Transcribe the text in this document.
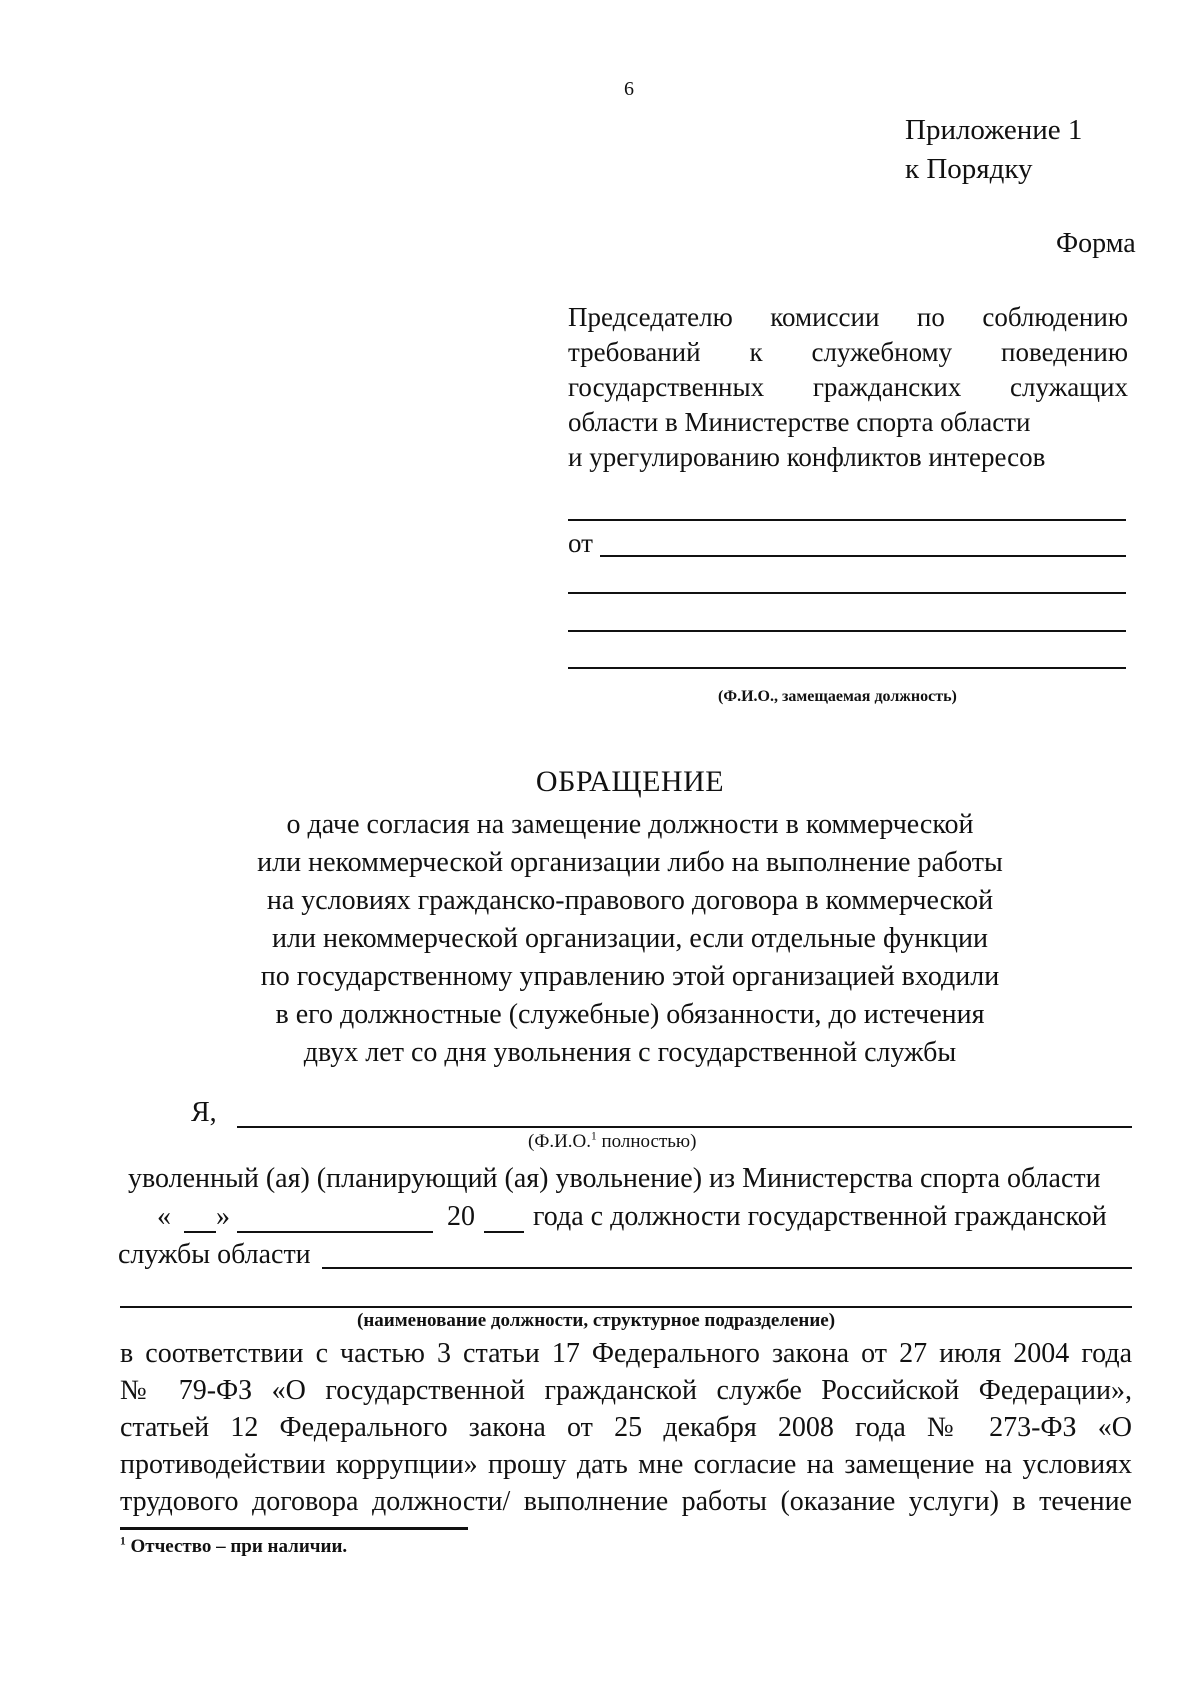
6
Приложение 1
к Порядку
Форма
Председателю комиссии по соблюдению
требований к служебному поведению
государственных гражданских служащих
области в Министерстве спорта области
и урегулированию конфликтов интересов
от
(Ф.И.О., замещаемая должность)
ОБРАЩЕНИЕ
о даче согласия на замещение должности в коммерческой
или некоммерческой организации либо на выполнение работы
на условиях гражданско-правового договора в коммерческой
или некоммерческой организации, если отдельные функции
по государственному управлению этой организацией входили
в его должностные (служебные) обязанности, до истечения
двух лет со дня увольнения с государственной службы
Я,
(Ф.И.О.$^1$ полностью)
уволенный (ая) (планирующий (ая) увольнение) из Министерства спорта области
« »	20 года с должности государственной гражданской
службы области
(наименование должности, структурное подразделение)
в соответствии с частью 3 статьи 17 Федерального закона от 27 июля 2004 года
№ 79-ФЗ «О государственной гражданской службе Российской Федерации»,
статьей 12 Федерального закона от 25 декабря 2008 года № 273-ФЗ «О
противодействии коррупции» прошу дать мне согласие на замещение на условиях
трудового договора должности/ выполнение работы (оказание услуги) в течение
$^1$ Отчество – при наличии.
